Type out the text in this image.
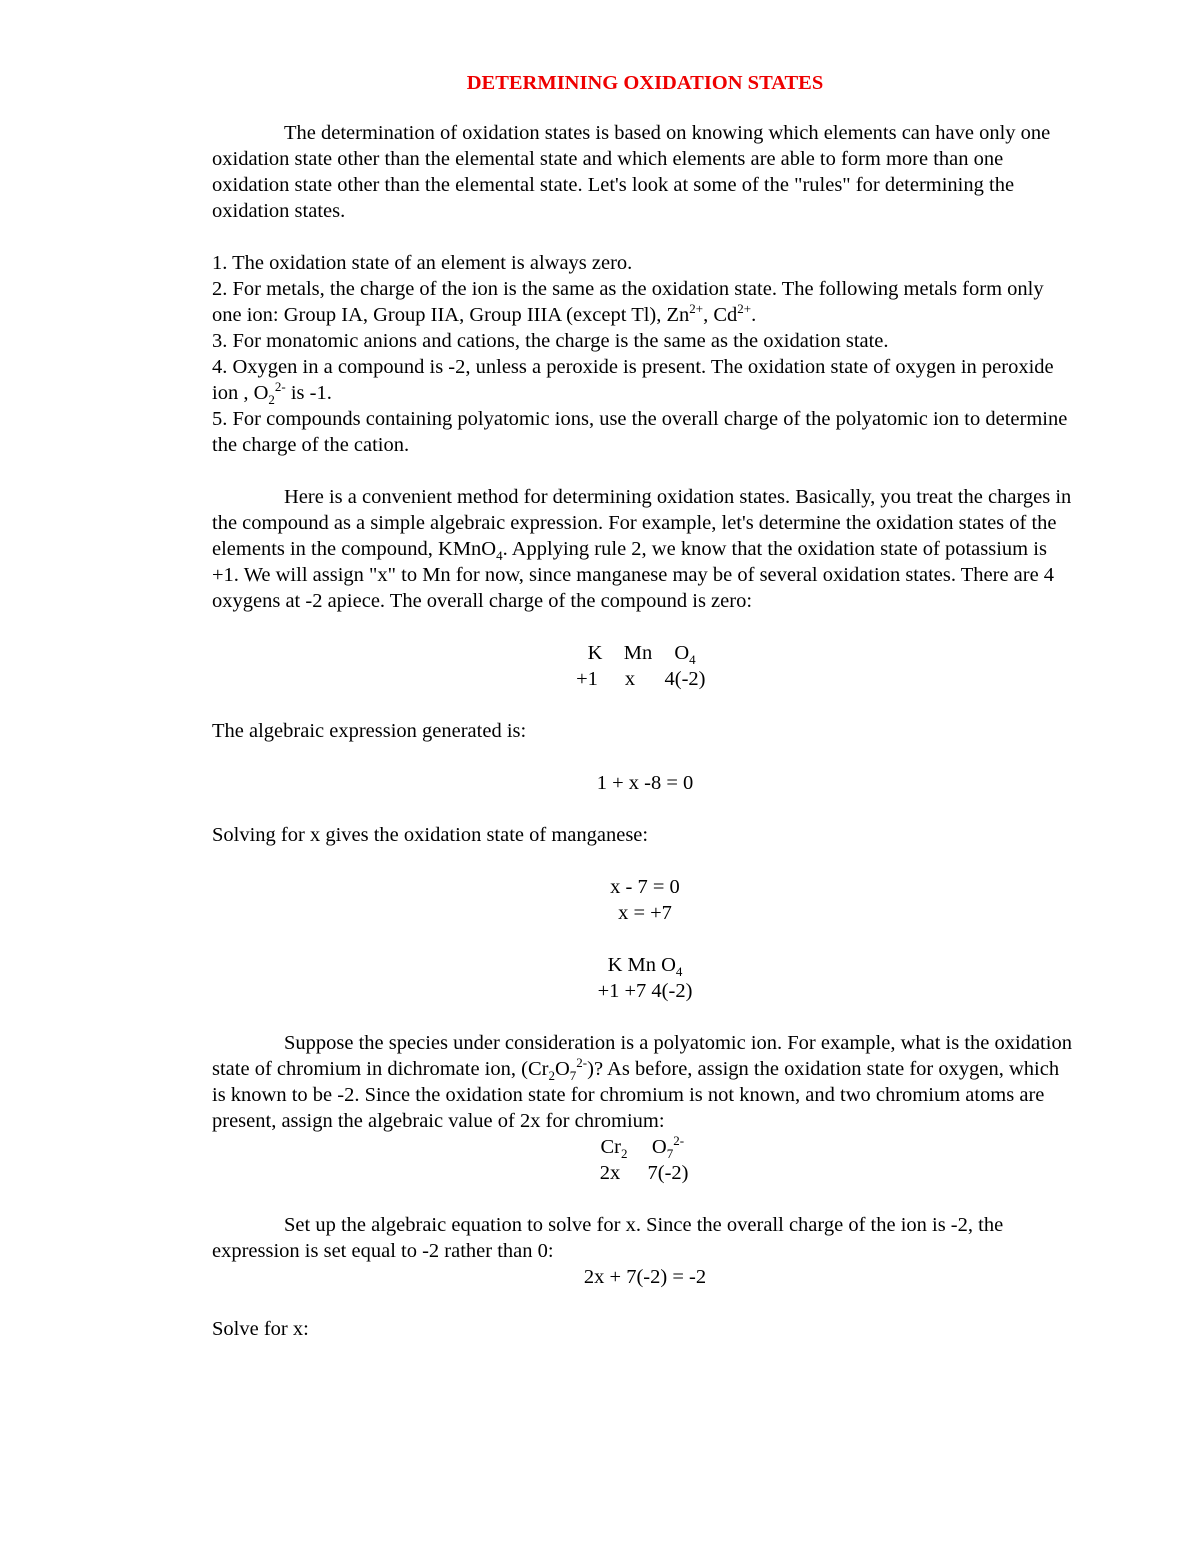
DETERMINING OXIDATION STATES

The determination of oxidation states is based on knowing which elements can have only one oxidation state other than the elemental state and which elements are able to form more than one oxidation state other than the elemental state. Let's look at some of the "rules" for determining the oxidation states.

1. The oxidation state of an element is always zero.

2. For metals, the charge of the ion is the same as the oxidation state. The following metals form only one ion: Group IA, Group IIA, Group IIIA (except Tl), $Zn^{2+}$, $Cd^{2+}$.

3. For monatomic anions and cations, the charge is the same as the oxidation state.

4. Oxygen in a compound is -2, unless a peroxide is present. The oxidation state of oxygen in peroxide ion , $O_2^{2-}$ is -1.

5. For compounds containing polyatomic ions, use the overall charge of the polyatomic ion to determine the charge of the cation.

Here is a convenient method for determining oxidation states. Basically, you treat the charges in the compound as a simple algebraic expression. For example, let's determine the oxidation states of the elements in the compound, KMnO$_4$. Applying rule 2, we know that the oxidation state of potassium is +1. We will assign "x" to Mn for now, since manganese may be of several oxidation states. There are 4 oxygens at -2 apiece. The overall charge of the compound is zero:

K Mn $O_4$
+1 x 4(-2)

The algebraic expression generated is:

1 + x -8 = 0

Solving for x gives the oxidation state of manganese:

x - 7 = 0

x = +7

K Mn $O_4$

+1 +7 4(-2)

Suppose the species under consideration is a polyatomic ion. For example, what is the oxidation state of chromium in dichromate ion, $(Cr_2O_7^{2-})$? As before, assign the oxidation state for oxygen, which is known to be -2. Since the oxidation state for chromium is not known, and two chromium atoms are present, assign the algebraic value of 2x for chromium:

$Cr_2$ $O_7^{2-}$
2x 7(-2)

Set up the algebraic equation to solve for x. Since the overall charge of the ion is -2, the expression is set equal to -2 rather than 0:

2x + 7(-2) = -2

Solve for x:
